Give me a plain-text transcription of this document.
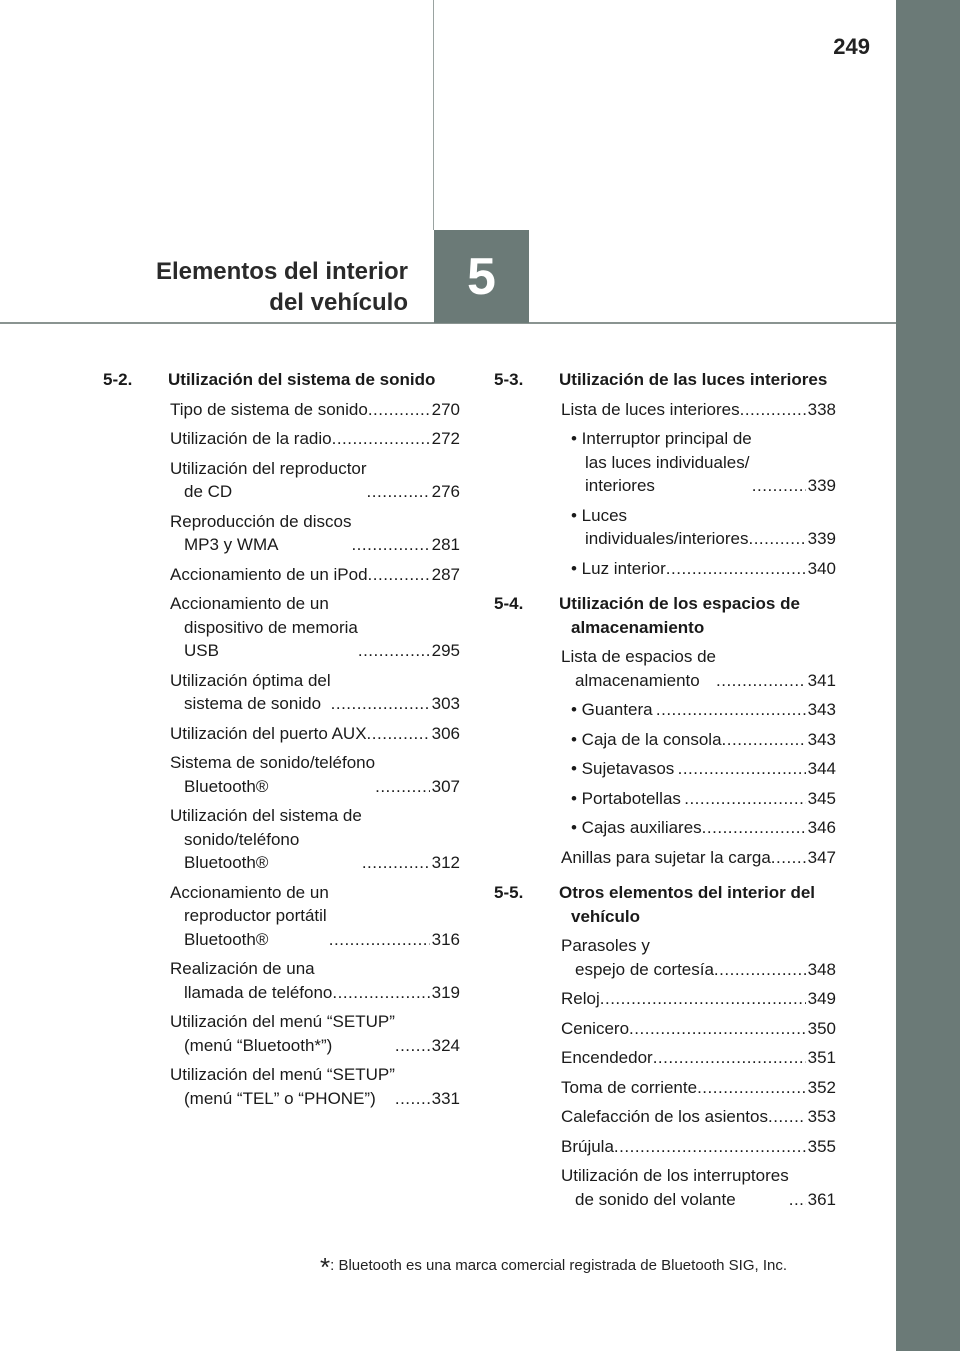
249
Elementos del interior
del vehículo	5
5-2.	Utilización del sistema de sonido
Tipo de sistema de sonido .....	270
Utilización de la radio .....	272
Utilización del reproductor
de CD .....	276
Reproducción de discos
MP3 y WMA .....	281
Accionamiento de un iPod .....	287
Accionamiento de un
dispositivo de memoria
USB .....	295
Utilización óptima del
sistema de sonido .....	303
Utilización del puerto AUX .....	306
Sistema de sonido/teléfono
Bluetooth® .....	307
Utilización del sistema de
sonido/teléfono
Bluetooth® .....	312
Accionamiento de un
reproductor portátil
Bluetooth® .....	316
Realización de una
llamada de teléfono .....	319
Utilización del menú “SETUP”
(menú “Bluetooth*”) .....	324
Utilización del menú “SETUP”
(menú “TEL” o “PHONE”) .....	331
5-3.	Utilización de las luces interiores
Lista de luces interiores .....	338
• Interruptor principal de
las luces individuales/
interiores .....	339
• Luces
individuales/interiores .....	339
• Luz interior .....	340
5-4.	Utilización de los espacios de almacenamiento
Lista de espacios de
almacenamiento .....	341
• Guantera .....	343
• Caja de la consola .....	343
• Sujetavasos .....	344
• Portabotellas .....	345
• Cajas auxiliares .....	346
Anillas para sujetar la carga ..... 347
5-5.	Otros elementos del interior del vehículo
Parasoles y
espejo de cortesía .....	348
Reloj .....	349
Cenicero .....	350
Encendedor .....	351
Toma de corriente .....	352
Calefacción de los asientos ..... 353
Brújula .....	355
Utilización de los interruptores
de sonido del volante .....	361
*: Bluetooth es una marca comercial registrada de Bluetooth SIG, Inc.
